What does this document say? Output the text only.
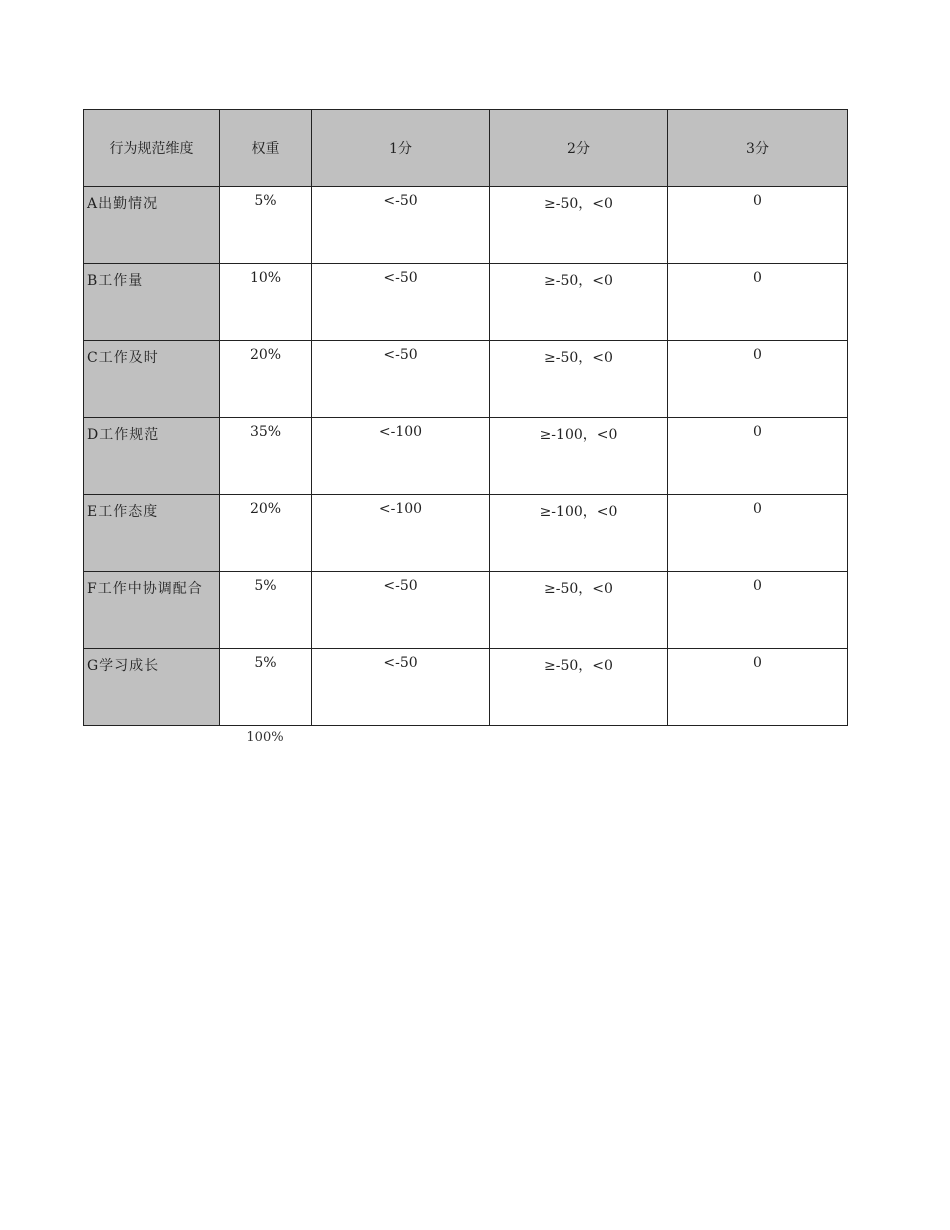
行为规范维度	权重	1分	2分	3分
A出勤情况	5%	<-50	≥-50，<0	0
B工作量	10%	<-50	≥-50，<0	0
C工作及时	20%	<-50	≥-50，<0	0
D工作规范	35%	<-100	≥-100，<0	0
E工作态度	20%	<-100	≥-100，<0	0
F工作中协调配合	5%	<-50	≥-50，<0	0
G学习成长	5%	<-50	≥-50，<0	0
100%
